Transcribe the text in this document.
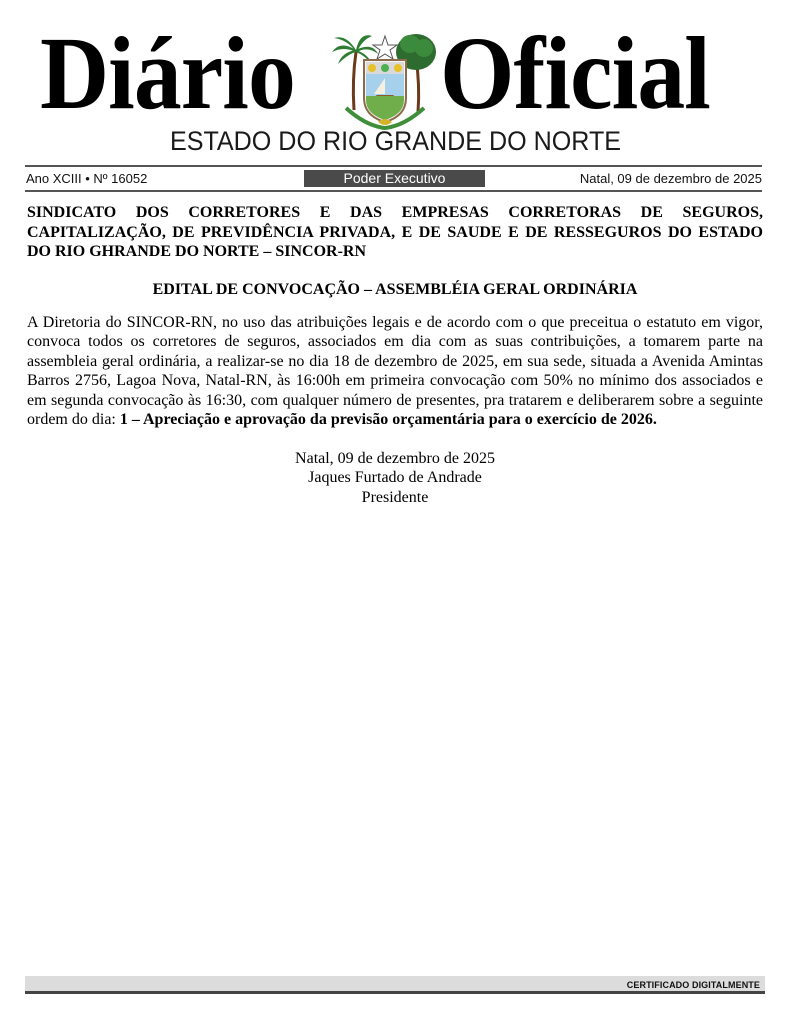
Diário Oficial
ESTADO DO RIO GRANDE DO NORTE
Ano XCIII • Nº 16052	Poder Executivo	Natal, 09 de dezembro de 2025

SINDICATO DOS CORRETORES E DAS EMPRESAS CORRETORAS DE SEGUROS, CAPITALIZAÇÃO, DE PREVIDÊNCIA PRIVADA, E DE SAUDE E DE RESSEGUROS DO ESTADO DO RIO GHRANDE DO NORTE – SINCOR-RN

EDITAL DE CONVOCAÇÃO – ASSEMBLÉIA GERAL ORDINÁRIA

A Diretoria do SINCOR-RN, no uso das atribuições legais e de acordo com o que preceitua o estatuto em vigor, convoca todos os corretores de seguros, associados em dia com as suas contribuições, a tomarem parte na assembleia geral ordinária, a realizar-se no dia 18 de dezembro de 2025, em sua sede, situada a Avenida Amintas Barros 2756, Lagoa Nova, Natal-RN, às 16:00h em primeira convocação com 50% no mínimo dos associados e em segunda convocação às 16:30, com qualquer número de presentes, pra tratarem e deliberarem sobre a seguinte ordem do dia: 1 – Apreciação e aprovação da previsão orçamentária para o exercício de 2026.

Natal, 09 de dezembro de 2025
Jaques Furtado de Andrade
Presidente
CERTIFICADO DIGITALMENTE
